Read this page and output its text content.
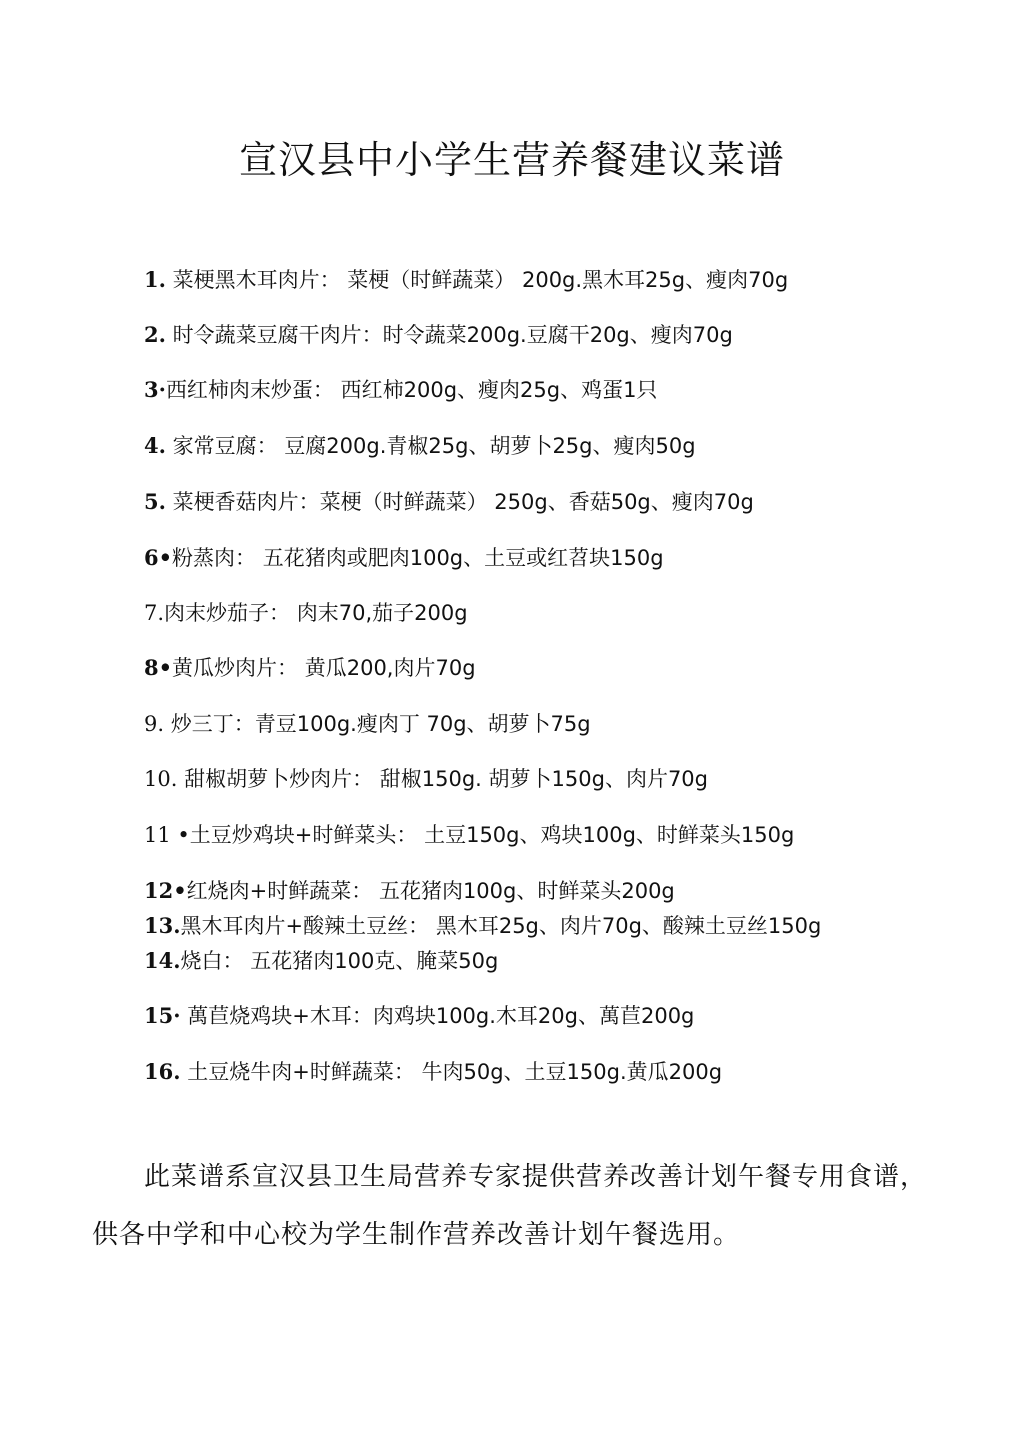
宣汉县中小学生营养餐建议菜谱
1. 菜梗黑木耳肉片： 菜梗（时鲜蔬菜） 200g.黑木耳25g、瘦肉70g
2. 时令蔬菜豆腐干肉片：时令蔬菜200g.豆腐干20g、瘦肉70g
3·西红柿肉末炒蛋： 西红柿200g、瘦肉25g、鸡蛋1只
4. 家常豆腐： 豆腐200g.青椒25g、胡萝卜25g、瘦肉50g
5. 菜梗香菇肉片：菜梗（时鲜蔬菜） 250g、香菇50g、瘦肉70g
6•粉蒸肉： 五花猪肉或肥肉100g、土豆或红苕块150g
7.肉末炒茄子： 肉末70,茄子200g
8•黄瓜炒肉片： 黄瓜200,肉片70g
9. 炒三丁：青豆100g.瘦肉丁 70g、胡萝卜75g
10. 甜椒胡萝卜炒肉片： 甜椒150g. 胡萝卜150g、肉片70g
11 •土豆炒鸡块+时鲜菜头： 土豆150g、鸡块100g、时鲜菜头150g
12•红烧肉+时鲜蔬菜： 五花猪肉100g、时鲜菜头200g
13.黑木耳肉片+酸辣土豆丝： 黑木耳25g、肉片70g、酸辣土豆丝150g
14.烧白： 五花猪肉100克、腌菜50g
15· 萬苣烧鸡块+木耳：肉鸡块100g.木耳20g、萬苣200g
16. 土豆烧牛肉+时鲜蔬菜： 牛肉50g、土豆150g.黄瓜200g
此菜谱系宣汉县卫生局营养专家提供营养改善计划午餐专用食谱，供各中学和中心校为学生制作营养改善计划午餐选用。
